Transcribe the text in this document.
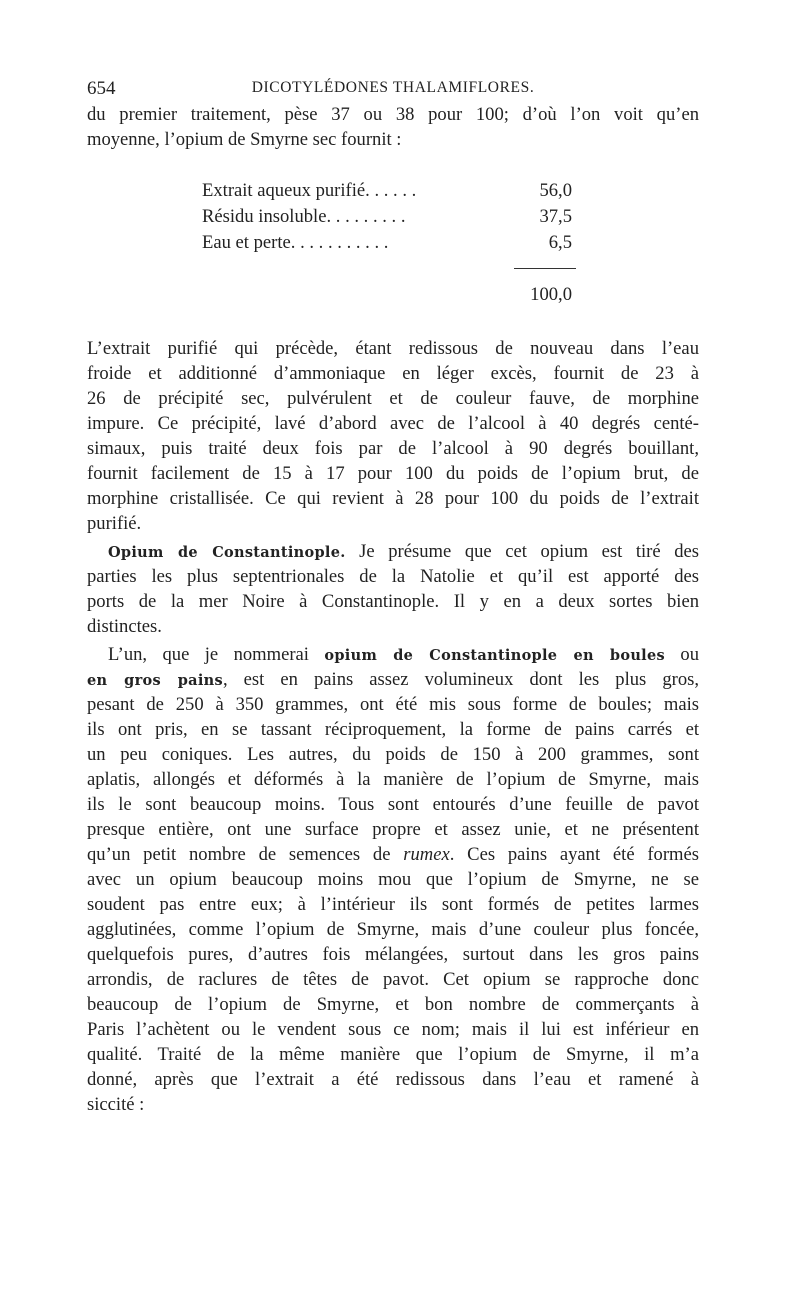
654	DICOTYLÉDONES THALAMIFLORES.
du premier traitement, pèse 37 ou 38 pour 100; d’où l’on voit qu’en
moyenne, l’opium de Smyrne sec fournit :
Extrait aqueux purifié. . . . . .	56,0
Résidu insoluble. . . . . . . . .	37,5
Eau et perte. . . . . . . . . . .	6,5
100,0
L’extrait purifié qui précède, étant redissous de nouveau dans l’eau
froide et additionné d’ammoniaque en léger excès, fournit de 23 à
26 de précipité sec, pulvérulent et de couleur fauve, de morphine
impure. Ce précipité, lavé d’abord avec de l’alcool à 40 degrés centé-
simaux, puis traité deux fois par de l’alcool à 90 degrés bouillant,
fournit facilement de 15 à 17 pour 100 du poids de l’opium brut, de
morphine cristallisée. Ce qui revient à 28 pour 100 du poids de l’extrait
purifié.
Opium de Constantinople. Je présume que cet opium est tiré des
parties les plus septentrionales de la Natolie et qu’il est apporté des
ports de la mer Noire à Constantinople. Il y en a deux sortes bien
distinctes.
L’un, que je nommerai opium de Constantinople en boules ou
en gros pains, est en pains assez volumineux dont les plus gros,
pesant de 250 à 350 grammes, ont été mis sous forme de boules; mais
ils ont pris, en se tassant réciproquement, la forme de pains carrés et
un peu coniques. Les autres, du poids de 150 à 200 grammes, sont
aplatis, allongés et déformés à la manière de l’opium de Smyrne, mais
ils le sont beaucoup moins. Tous sont entourés d’une feuille de pavot
presque entière, ont une surface propre et assez unie, et ne présentent
qu’un petit nombre de semences de rumex. Ces pains ayant été formés
avec un opium beaucoup moins mou que l’opium de Smyrne, ne se
soudent pas entre eux; à l’intérieur ils sont formés de petites larmes
agglutinées, comme l’opium de Smyrne, mais d’une couleur plus foncée,
quelquefois pures, d’autres fois mélangées, surtout dans les gros pains
arrondis, de raclures de têtes de pavot. Cet opium se rapproche donc
beaucoup de l’opium de Smyrne, et bon nombre de commerçants à
Paris l’achètent ou le vendent sous ce nom; mais il lui est inférieur en
qualité. Traité de la même manière que l’opium de Smyrne, il m’a
donné, après que l’extrait a été redissous dans l’eau et ramené à
siccité :
